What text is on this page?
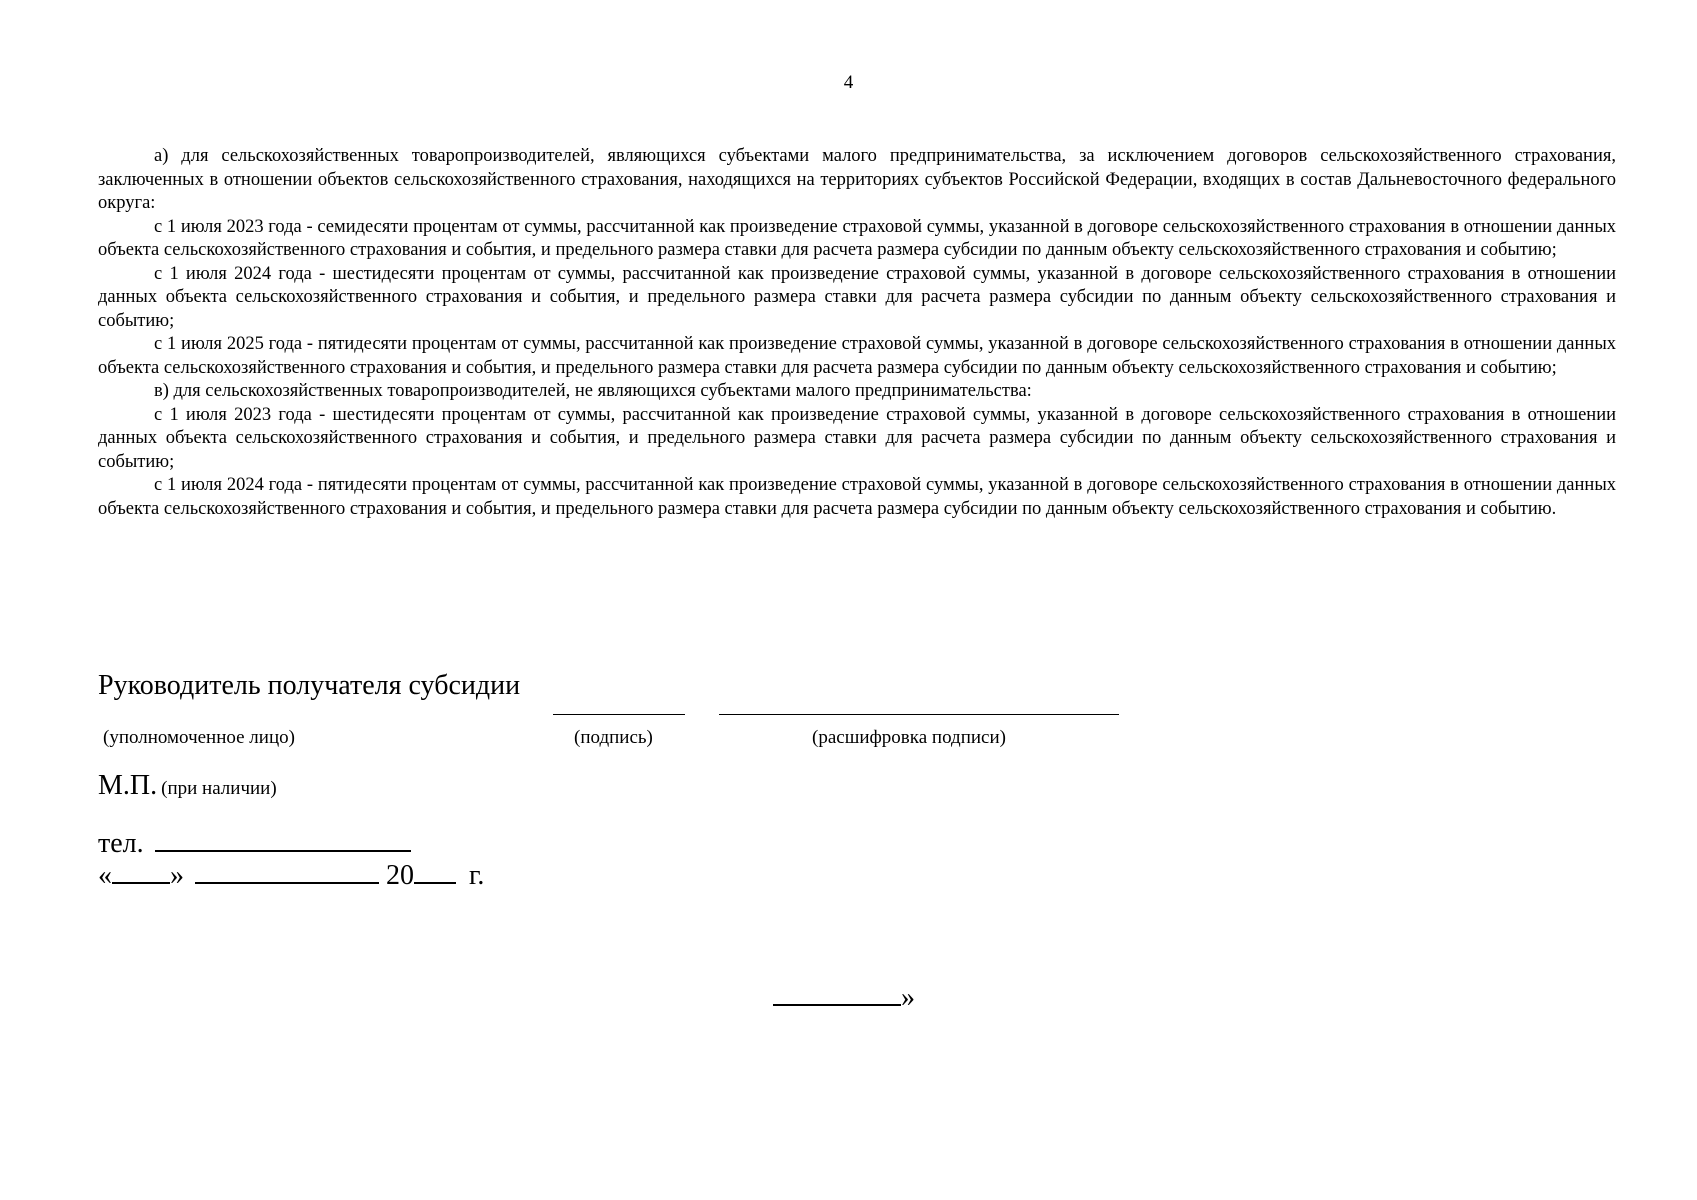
4

а) для сельскохозяйственных товаропроизводителей, являющихся субъектами малого предпринимательства, за исключением договоров сельскохозяйственного страхования, заключенных в отношении объектов сельскохозяйственного страхования, находящихся на территориях субъектов Российской Федерации, входящих в состав Дальневосточного федерального округа:

с 1 июля 2023 года - семидесяти процентам от суммы, рассчитанной как произведение страховой суммы, указанной в договоре сельскохозяйственного страхования в отношении данных объекта сельскохозяйственного страхования и события, и предельного размера ставки для расчета размера субсидии по данным объекту сельскохозяйственного страхования и событию;

с 1 июля 2024 года - шестидесяти процентам от суммы, рассчитанной как произведение страховой суммы, указанной в договоре сельскохозяйственного страхования в отношении данных объекта сельскохозяйственного страхования и события, и предельного размера ставки для расчета размера субсидии по данным объекту сельскохозяйственного страхования и событию;

с 1 июля 2025 года - пятидесяти процентам от суммы, рассчитанной как произведение страховой суммы, указанной в договоре сельскохозяйственного страхования в отношении данных объекта сельскохозяйственного страхования и события, и предельного размера ставки для расчета размера субсидии по данным объекту сельскохозяйственного страхования и событию;

в) для сельскохозяйственных товаропроизводителей, не являющихся субъектами малого предпринимательства:

с 1 июля 2023 года - шестидесяти процентам от суммы, рассчитанной как произведение страховой суммы, указанной в договоре сельскохозяйственного страхования в отношении данных объекта сельскохозяйственного страхования и события, и предельного размера ставки для расчета размера субсидии по данным объекту сельскохозяйственного страхования и событию;

с 1 июля 2024 года - пятидесяти процентам от суммы, рассчитанной как произведение страховой суммы, указанной в договоре сельскохозяйственного страхования в отношении данных объекта сельскохозяйственного страхования и события, и предельного размера ставки для расчета размера субсидии по данным объекту сельскохозяйственного страхования и событию.

Руководитель получателя субсидии
(уполномоченное лицо)	(подпись)	(расшифровка подписи)
М.П. (при наличии)
тел.
« »	20 г.
»
